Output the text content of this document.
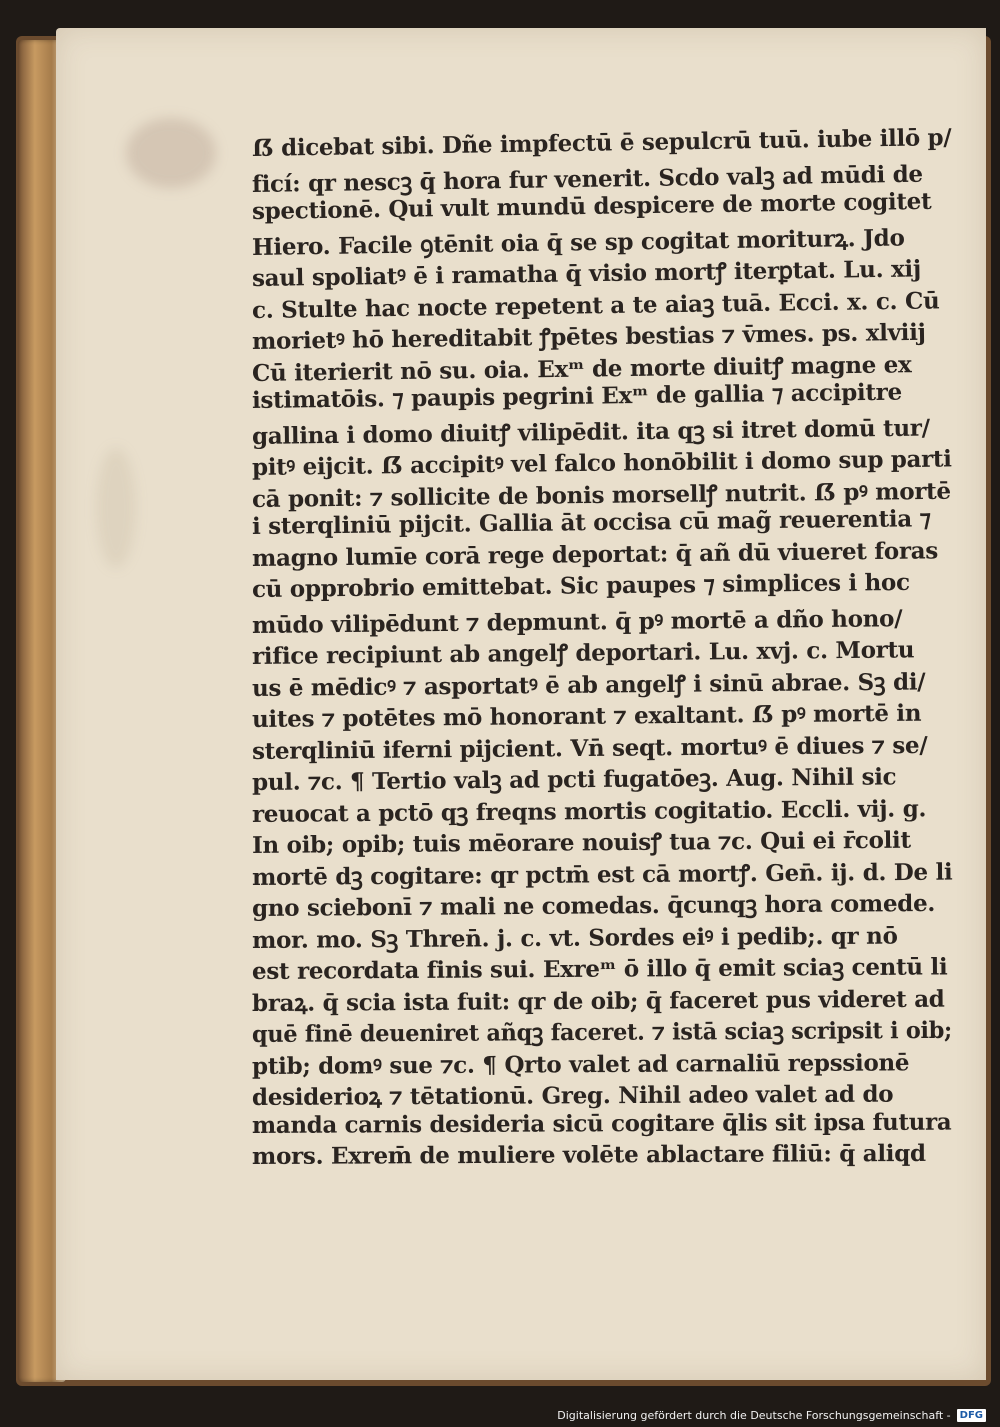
ẞ dicebat sibi. Dñe impfectū ē sepulcrū tuū. iube illō p/
ficí: qr nescꝫ q̄ hora fur venerit. Scdo valꝫ ad mūdi de
spectionē. Qui vult mundū despicere de morte cogitet
Hiero. Facile ꝯtēnit oia q̄ se sp cogitat moriturꝝ. Jdo
saul spoliatꝰ ē i ramatha q̄ visio mortꝭ iterꝑtat. Lu. xij
c. Stulte hac nocte repetent a te aiaꝫ tuā. Ecci. x. c. Cū
morietꝰ hō hereditabit ꝭpētes bestias ⁊ v̄mes. ps. xlviij
Cū iterierit nō su. oia. Exᵐ de morte diuitꝭ magne ex
istimatōis. ⁊ paupis pegrini Exᵐ de gallia ⁊ accipitre
gallina i domo diuitꝭ vilipēdit. ita qꝫ si itret domū tur/
pitꝰ eijcit. ẞ accipitꝰ vel falco honōbilit i domo sup parti
cā ponit: ⁊ sollicite de bonis morsellꝭ nutrit. ẞ pꝰ mortē
i sterqliniū pijcit. Gallia āt occisa cū mag̃ reuerentia ⁊
magno lumīe corā rege deportat: q̄ añ dū viueret foras
cū opprobrio emittebat. Sic paupes ⁊ simplices i hoc
mūdo vilipēdunt ⁊ depmunt. q̄ pꝰ mortē a dño hono/
rifice recipiunt ab angelꝭ deportari. Lu. xvj. c. Mortu
us ē mēdicꝰ ⁊ asportatꝰ ē ab angelꝭ i sinū abrae. Sꝫ di/
uites ⁊ potētes mō honorant ⁊ exaltant. ẞ pꝰ mortē in
sterqliniū iferni pijcient. Vn̄ seqt. mortuꝰ ē diues ⁊ se/
pul. ⁊c. ¶ Tertio valꝫ ad pcti fugatōeꝫ. Aug. Nihil sic
reuocat a pctō qꝫ freqns mortis cogitatio. Eccli. vij. g.
In oib; opib; tuis mēorare nouisꝭ tua ⁊c. Qui ei r̄colit
mortē dꝫ cogitare: qr pctm̄ est cā mortꝭ. Gen̄. ij. d. De li
gno sciebonī ⁊ mali ne comedas. q̄cunqꝫ hora comede.
mor. mo. Sꝫ Thren̄. j. c. vt. Sordes eiꝰ i pedib;. qr nō
est recordata finis sui. Exreᵐ ō illo q̄ emit sciaꝫ centū li
braꝝ. q̄ scia ista fuit: qr de oib; q̄ faceret pus videret ad
quē finē deueniret añqꝫ faceret. ⁊ istā sciaꝫ scripsit i oib;
ptib; domꝰ sue ⁊c. ¶ Qrto valet ad carnaliū repssionē
desiderioꝝ ⁊ tētationū. Greg. Nihil adeo valet ad do
manda carnis desideria sicū cogitare q̄lis sit ipsa futura
mors. Exrem̄ de muliere volēte ablactare filiū: q̄ aliqd
Digitalisierung gefördert durch die Deutsche Forschungsgemeinschaft - DFG
